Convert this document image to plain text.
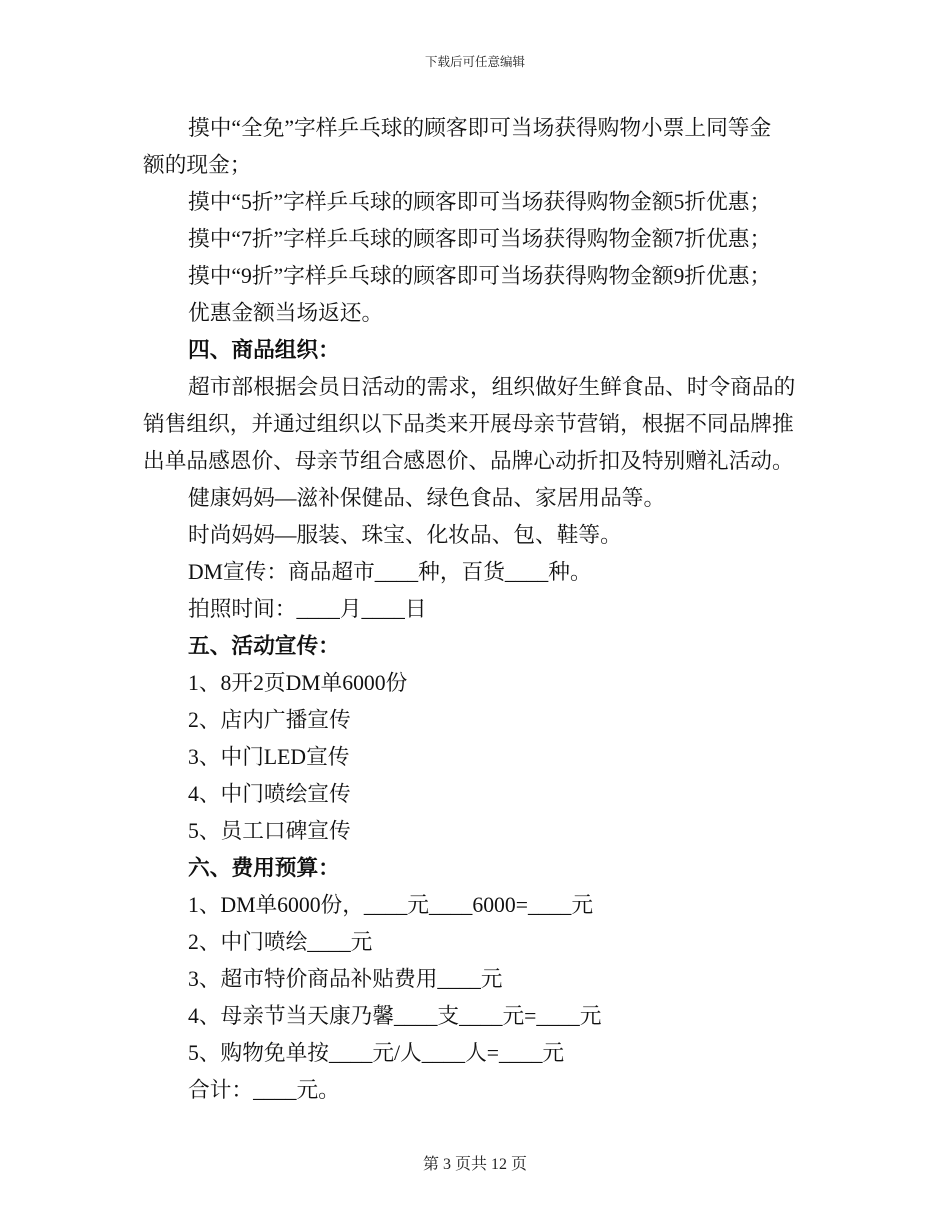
下载后可任意编辑
摸中“全免”字样乒乓球的顾客即可当场获得购物小票上同等金
额的现金；
摸中“5折”字样乒乓球的顾客即可当场获得购物金额5折优惠；
摸中“7折”字样乒乓球的顾客即可当场获得购物金额7折优惠；
摸中“9折”字样乒乓球的顾客即可当场获得购物金额9折优惠；
优惠金额当场返还。
四、商品组织：
超市部根据会员日活动的需求，组织做好生鲜食品、时令商品的
销售组织，并通过组织以下品类来开展母亲节营销，根据不同品牌推
出单品感恩价、母亲节组合感恩价、品牌心动折扣及特别赠礼活动。
健康妈妈—滋补保健品、绿色食品、家居用品等。
时尚妈妈—服装、珠宝、化妆品、包、鞋等。
DM宣传：商品超市____种，百货____种。
拍照时间：____月____日
五、活动宣传：
1、8开2页DM单6000份
2、店内广播宣传
3、中门LED宣传
4、中门喷绘宣传
5、员工口碑宣传
六、费用预算：
1、DM单6000份，____元____6000=____元
2、中门喷绘____元
3、超市特价商品补贴费用____元
4、母亲节当天康乃馨____支____元=____元
5、购物免单按____元/人____人=____元
合计：____元。
第 3 页共 12 页
